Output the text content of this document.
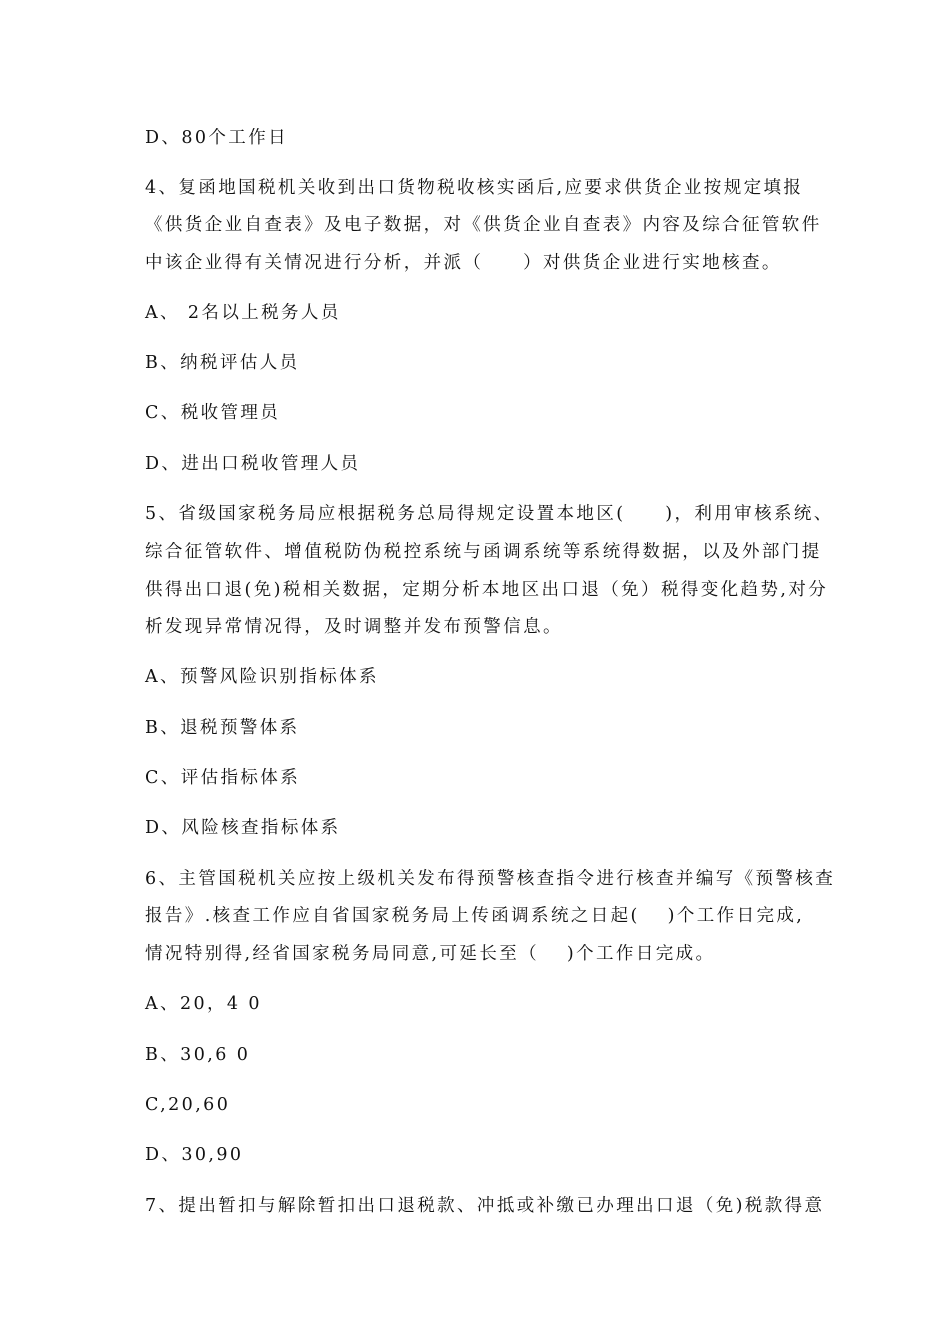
D、80个工作日
4、复函地国税机关收到出口货物税收核实函后,应要求供货企业按规定填报
《供货企业自查表》及电子数据，对《供货企业自查表》内容及综合征管软件
中该企业得有关情况进行分析，并派（　　）对供货企业进行实地核查。
A、 2名以上税务人员
B、纳税评估人员
C、税收管理员
D、进出口税收管理人员
5、省级国家税务局应根据税务总局得规定设置本地区(　　)，利用审核系统、
综合征管软件、增值税防伪税控系统与函调系统等系统得数据，以及外部门提
供得出口退(免)税相关数据，定期分析本地区出口退（免）税得变化趋势,对分
析发现异常情况得，及时调整并发布预警信息。
A、预警风险识别指标体系
B、退税预警体系
C、评估指标体系
D、风险核查指标体系
6、主管国税机关应按上级机关发布得预警核查指令进行核查并编写《预警核查
报告》.核查工作应自省国家税务局上传函调系统之日起(　 )个工作日完成,
情况特别得,经省国家税务局同意,可延长至（　 )个工作日完成。
A、20，4 0
B、30,6 0
C,20,60
D、30,90
7、提出暂扣与解除暂扣出口退税款、冲抵或补缴已办理出口退（免)税款得意
